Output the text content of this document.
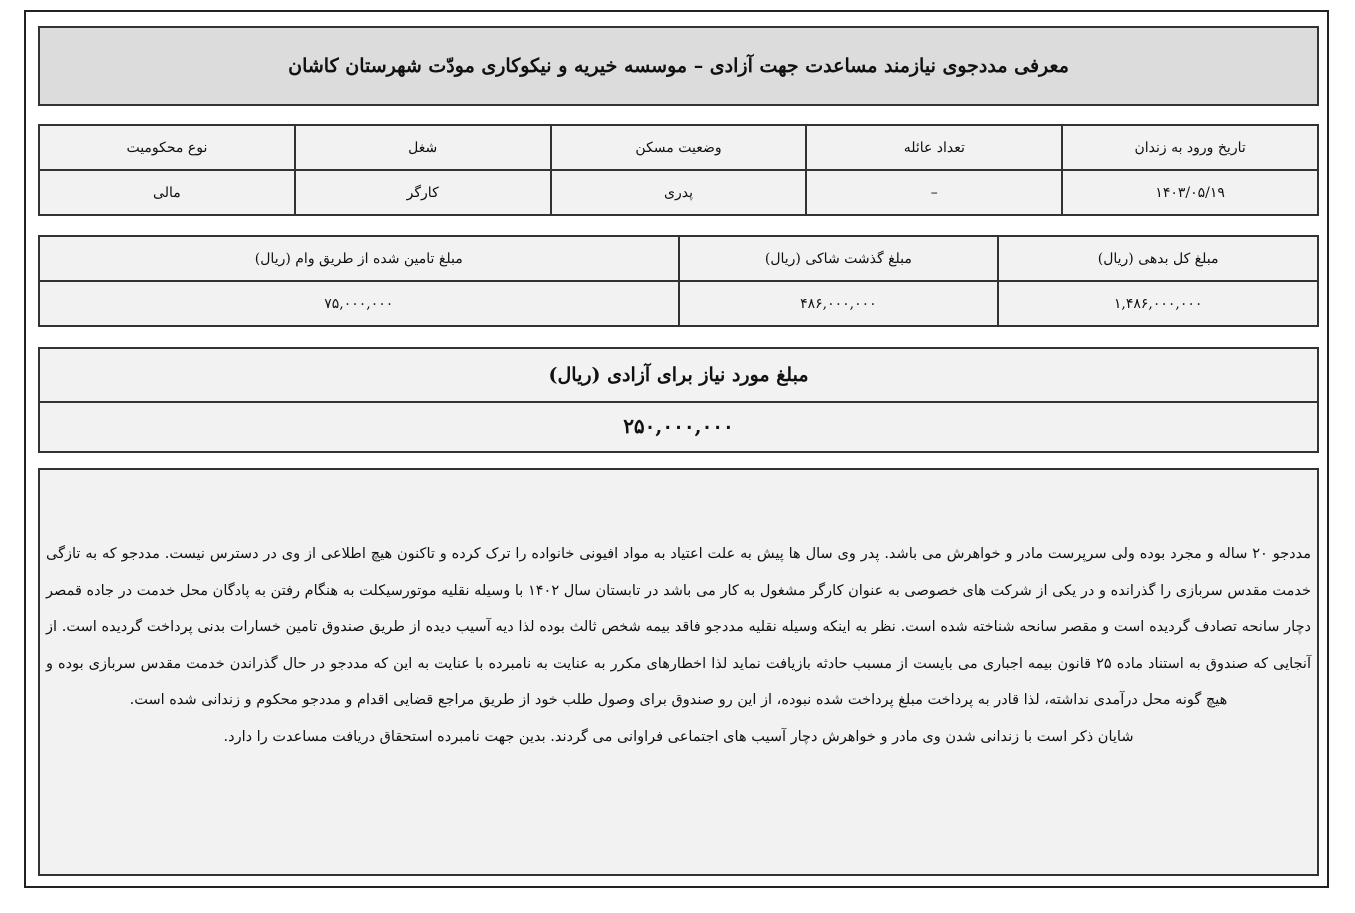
معرفی مددجوی نیازمند مساعدت جهت آزادی – موسسه خیریه و نیکوکاری مودّت شهرستان کاشان
تاریخ ورود به زندان	تعداد عائله	وضعیت مسکن	شغل	نوع محکومیت
۱۴۰۳/۰۵/۱۹	–	پدری	کارگر	مالی
مبلغ کل بدهی (ریال)	مبلغ گذشت شاکی (ریال)	مبلغ تامین شده از طریق وام (ریال)
۱,۴۸۶,۰۰۰,۰۰۰	۴۸۶,۰۰۰,۰۰۰	۷۵,۰۰۰,۰۰۰
مبلغ مورد نیاز برای آزادی (ریال)
۲۵۰,۰۰۰,۰۰۰

مددجو ۲۰ ساله و مجرد بوده ولی سرپرست مادر و خواهرش می باشد. پدر وی سال ها پیش به علت اعتیاد به مواد افیونی خانواده را ترک کرده و تاکنون هیچ اطلاعی از وی در دسترس نیست. مددجو که به تازگی خدمت مقدس سربازی را گذرانده و در یکی از شرکت های خصوصی به عنوان کارگر مشغول به کار می باشد در تابستان سال ۱۴۰۲ با وسیله نقلیه موتورسیکلت به هنگام رفتن به پادگان محل خدمت در جاده قمصر دچار سانحه تصادف گردیده است و مقصر سانحه شناخته شده است. نظر به اینکه وسیله نقلیه مددجو فاقد بیمه شخص ثالث بوده لذا دیه آسیب دیده از طریق صندوق تامین خسارات بدنی پرداخت گردیده است. از آنجایی که صندوق به استناد ماده ۲۵ قانون بیمه اجباری می بایست از مسبب حادثه بازیافت نماید لذا اخطارهای مکرر به عنایت به نامبرده با عنایت به این که مددجو در حال گذراندن خدمت مقدس سربازی بوده و هیچ گونه محل درآمدی نداشته، لذا قادر به پرداخت مبلغ پرداخت شده نبوده، از این رو صندوق برای وصول طلب خود از طریق مراجع قضایی اقدام و مددجو محکوم و زندانی شده است.

شایان ذکر است با زندانی شدن وی مادر و خواهرش دچار آسیب های اجتماعی فراوانی می گردند. بدین جهت نامبرده استحقاق دریافت مساعدت را دارد.
